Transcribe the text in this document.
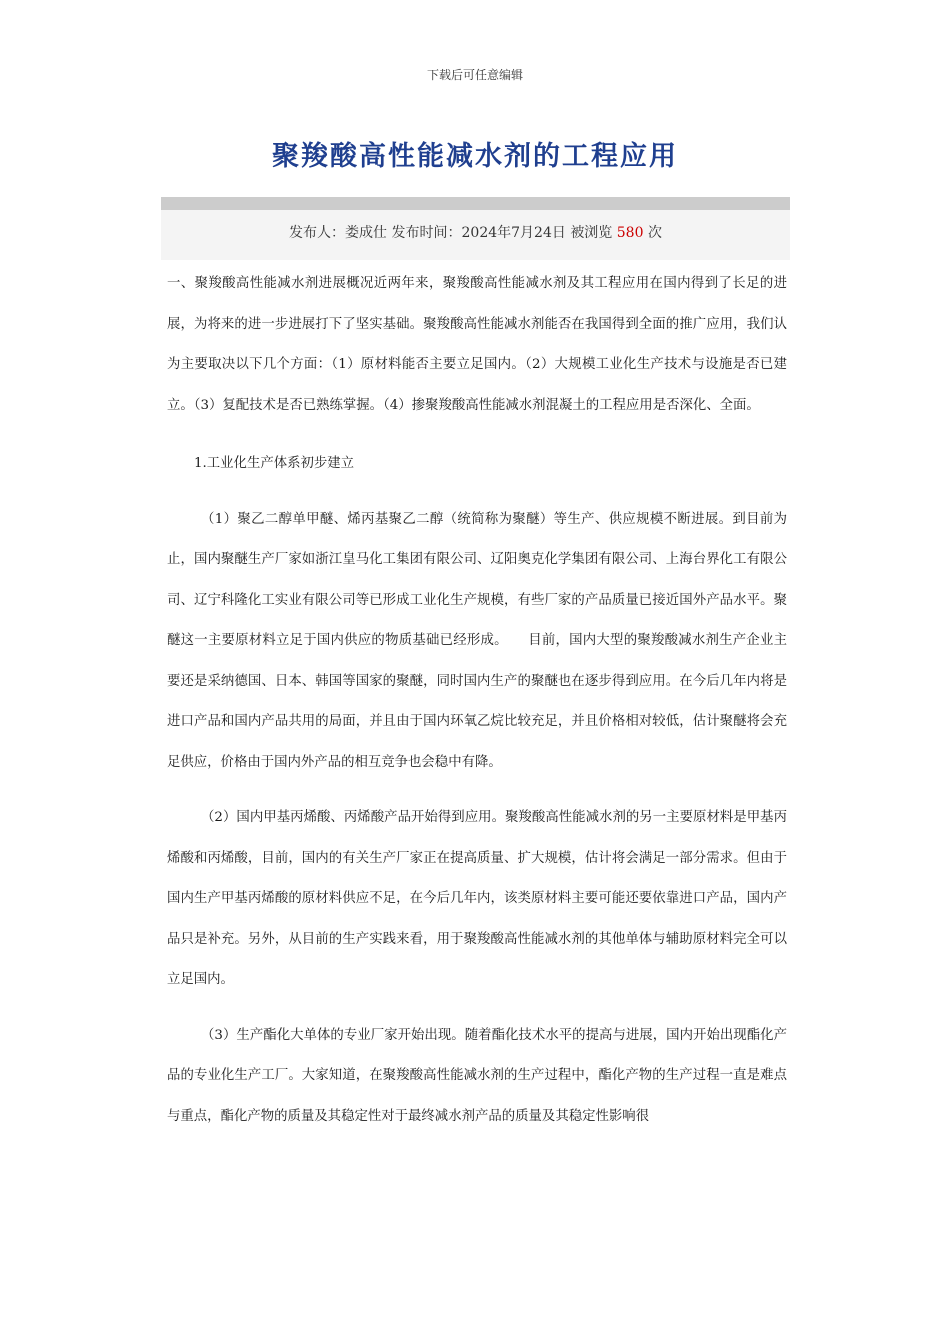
下载后可任意编辑
聚羧酸高性能减水剂的工程应用
发布人：娄成仕 发布时间：2024年7月24日 被浏览 580 次

一、聚羧酸高性能减水剂进展概况近两年来，聚羧酸高性能减水剂及其工程应用在国内得到了长足的进展，为将来的进一步进展打下了坚实基础。聚羧酸高性能减水剂能否在我国得到全面的推广应用，我们认为主要取决以下几个方面：（1）原材料能否主要立足国内。（2）大规模工业化生产技术与设施是否已建立。（3）复配技术是否已熟练掌握。（4）掺聚羧酸高性能减水剂混凝土的工程应用是否深化、全面。

1.工业化生产体系初步建立

（1）聚乙二醇单甲醚、烯丙基聚乙二醇（统简称为聚醚）等生产、供应规模不断进展。到目前为止，国内聚醚生产厂家如浙江皇马化工集团有限公司、辽阳奥克化学集团有限公司、上海台界化工有限公司、辽宁科隆化工实业有限公司等已形成工业化生产规模，有些厂家的产品质量已接近国外产品水平。聚醚这一主要原材料立足于国内供应的物质基础已经形成。　　目前，国内大型的聚羧酸减水剂生产企业主要还是采纳德国、日本、韩国等国家的聚醚，同时国内生产的聚醚也在逐步得到应用。在今后几年内将是进口产品和国内产品共用的局面，并且由于国内环氧乙烷比较充足，并且价格相对较低，估计聚醚将会充足供应，价格由于国内外产品的相互竞争也会稳中有降。

（2）国内甲基丙烯酸、丙烯酸产品开始得到应用。聚羧酸高性能减水剂的另一主要原材料是甲基丙烯酸和丙烯酸，目前，国内的有关生产厂家正在提高质量、扩大规模，估计将会满足一部分需求。但由于国内生产甲基丙烯酸的原材料供应不足，在今后几年内，该类原材料主要可能还要依靠进口产品，国内产品只是补充。另外，从目前的生产实践来看，用于聚羧酸高性能减水剂的其他单体与辅助原材料完全可以立足国内。

（3）生产酯化大单体的专业厂家开始出现。随着酯化技术水平的提高与进展，国内开始出现酯化产品的专业化生产工厂。大家知道，在聚羧酸高性能减水剂的生产过程中，酯化产物的生产过程一直是难点与重点，酯化产物的质量及其稳定性对于最终减水剂产品的质量及其稳定性影响很
